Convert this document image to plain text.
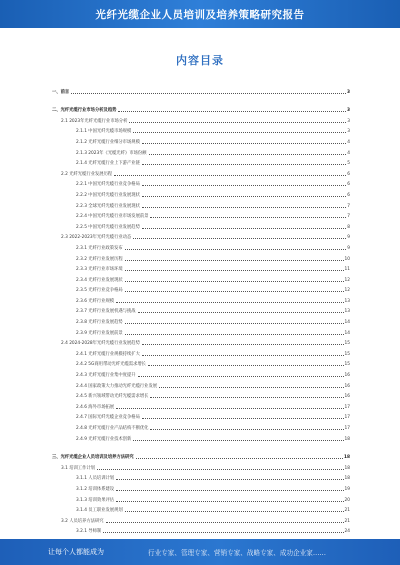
光纤光缆企业人员培训及培养策略研究报告
内容目录
一、前言	3
二、光纤光缆行业市场分析及趋势	3
2.1 2023年光纤光缆行业市场分析	3
2.1.1 中国光纤光缆市场规模	3
2.1.2 光纤光缆行业细分市场规模	4
2.1.3 2023年《光缆光纤》市场份额	4
2.1.4 光纤光缆行业上下游产业链	5
2.2 光纤光缆行业发展历程	6
2.2.1 中国光纤光缆行业竞争格局	6
2.2.2 中国光纤光缆行业发展现状	6
2.2.3 全球光纤光缆行业发展现状	7
2.2.4 中国光纤光缆行业市场发展前景	7
2.2.5 中国光纤光缆行业发展趋势	8
2.3 2022-2023年光纤光缆行业动态	9
2.3.1 光纤行业政策发布	9
2.3.2 光纤行业发展历程	10
2.3.3 光纤行业市场环境	11
2.3.4 光纤行业发展现状	12
2.3.5 光纤行业竞争格局	12
2.3.6 光纤行业规模	13
2.3.7 光纤行业发展机遇与挑战	13
2.3.8 光纤行业发展趋势	14
2.3.9 光纤行业发展前景	14
2.4 2024-2028年光纤光缆行业发展趋势	15
2.4.1 光纤光缆行业规模持续扩大	15
2.4.2 5G商用带动光纤光缆需求增长	15
2.4.3 光纤光缆行业集中度提升	16
2.4.4 国家政策大力推动光纤光缆行业发展	16
2.4.5 新兴领域带动光纤光缆需求增长	16
2.4.6 海外市场拓展	17
2.4.7 国际光纤光缆企业竞争格局	17
2.4.8 光纤光缆行业产品结构不断优化	17
2.4.9 光纤光缆行业技术创新	18
三、光纤光缆企业人员培训及培养方法研究	18
3.1 培训工作计划	18
3.1.1 人员培训计划	18
3.1.2 培训体系建设	19
3.1.3 培训效果评估	20
3.1.4 员工职业发展规划	21
3.2 人员培养方法研究	21
3.2.1 导师制	24
让每个人都能成为	行业专家、管理专家、营销专家、战略专家、成功企业家……
